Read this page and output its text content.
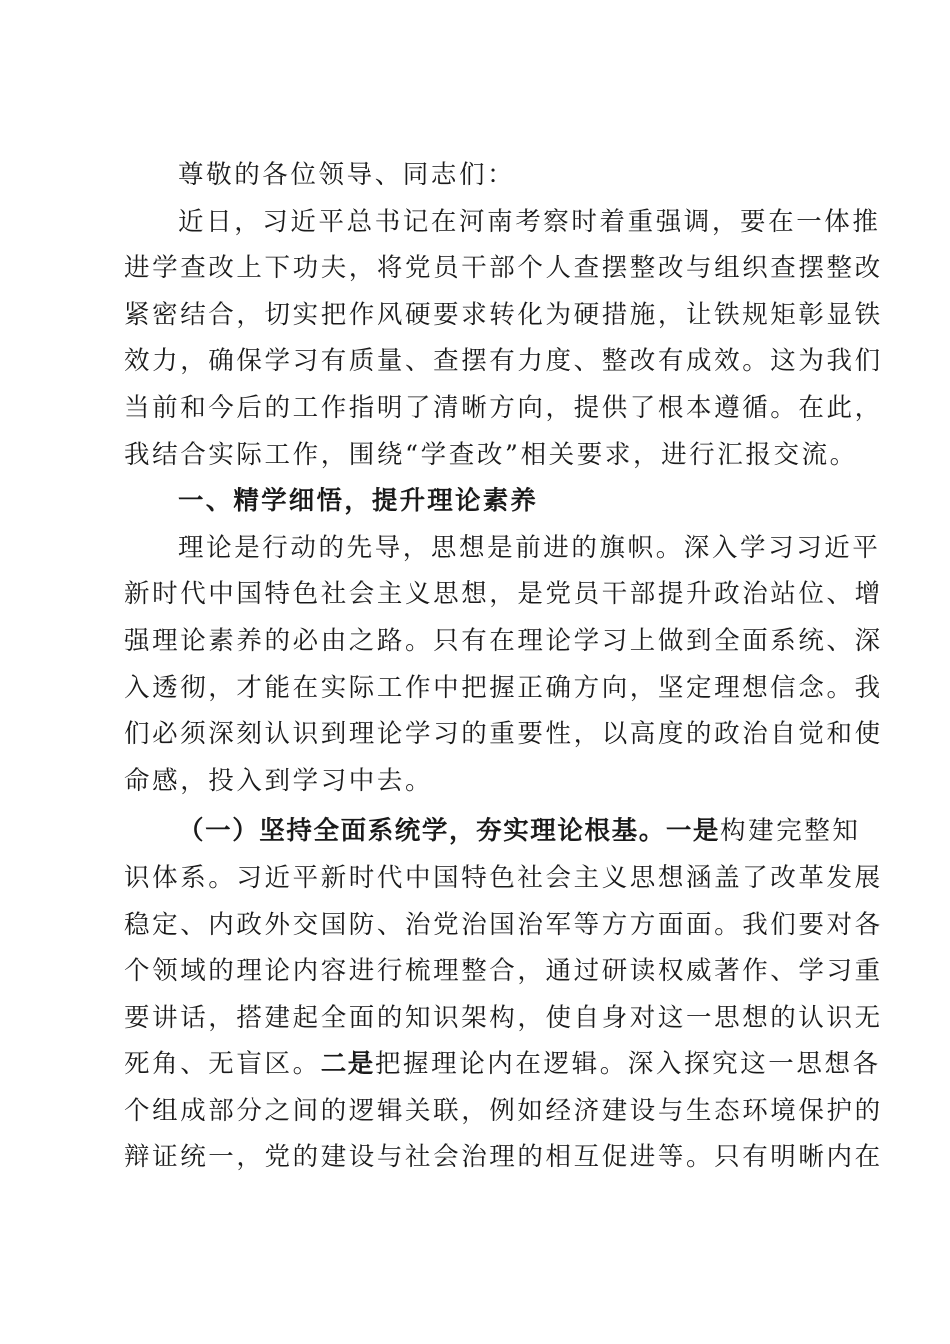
尊敬的各位领导、同志们：
近日，习近平总书记在河南考察时着重强调，要在一体推
进学查改上下功夫，将党员干部个人查摆整改与组织查摆整改
紧密结合，切实把作风硬要求转化为硬措施，让铁规矩彰显铁
效力，确保学习有质量、查摆有力度、整改有成效。这为我们
当前和今后的工作指明了清晰方向，提供了根本遵循。在此，
我结合实际工作，围绕“学查改”相关要求，进行汇报交流。
一、精学细悟，提升理论素养
理论是行动的先导，思想是前进的旗帜。深入学习习近平
新时代中国特色社会主义思想，是党员干部提升政治站位、增
强理论素养的必由之路。只有在理论学习上做到全面系统、深
入透彻，才能在实际工作中把握正确方向，坚定理想信念。我
们必须深刻认识到理论学习的重要性，以高度的政治自觉和使
命感，投入到学习中去。
（一）坚持全面系统学，夯实理论根基。一是构建完整知
识体系。习近平新时代中国特色社会主义思想涵盖了改革发展
稳定、内政外交国防、治党治国治军等方方面面。我们要对各
个领域的理论内容进行梳理整合，通过研读权威著作、学习重
要讲话，搭建起全面的知识架构，使自身对这一思想的认识无
死角、无盲区。二是把握理论内在逻辑。深入探究这一思想各
个组成部分之间的逻辑关联，例如经济建设与生态环境保护的
辩证统一，党的建设与社会治理的相互促进等。只有明晰内在
